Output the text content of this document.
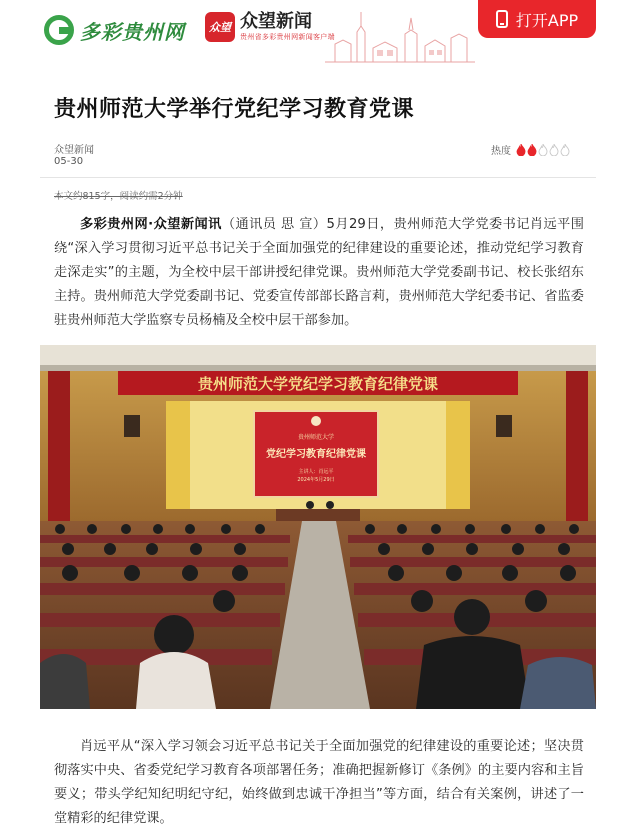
多彩贵州网	众望 众望新闻
贵州省多彩贵州网新闻客户端
打开APP
贵州师范大学举行党纪学习教育党课
众望新闻
05-30
热度
本文约815字，阅读约需2分钟

多彩贵州网·众望新闻讯（通讯员 思 宣）5月29日，贵州师范大学党委书记肖远平围绕“深入学习贯彻习近平总书记关于全面加强党的纪律建设的重要论述，推动党纪学习教育走深走实”的主题，为全校中层干部讲授纪律党课。贵州师范大学党委副书记、校长张绍东主持。贵州师范大学党委副书记、党委宣传部部长路言莉，贵州师范大学纪委书记、省监委驻贵州师范大学监察专员杨楠及全校中层干部参加。

贵州师范大学党纪学习教育纪律党课
贵州师范大学
党纪学习教育纪律党课
主讲人：肖远平
2024年5月29日

肖远平从“深入学习领会习近平总书记关于全面加强党的纪律建设的重要论述；坚决贯彻落实中央、省委党纪学习教育各项部署任务；准确把握新修订《条例》的主要内容和主旨要义；带头学纪知纪明纪守纪，始终做到忠诚干净担当”等方面，结合有关案例，讲述了一堂精彩的纪律党课。
